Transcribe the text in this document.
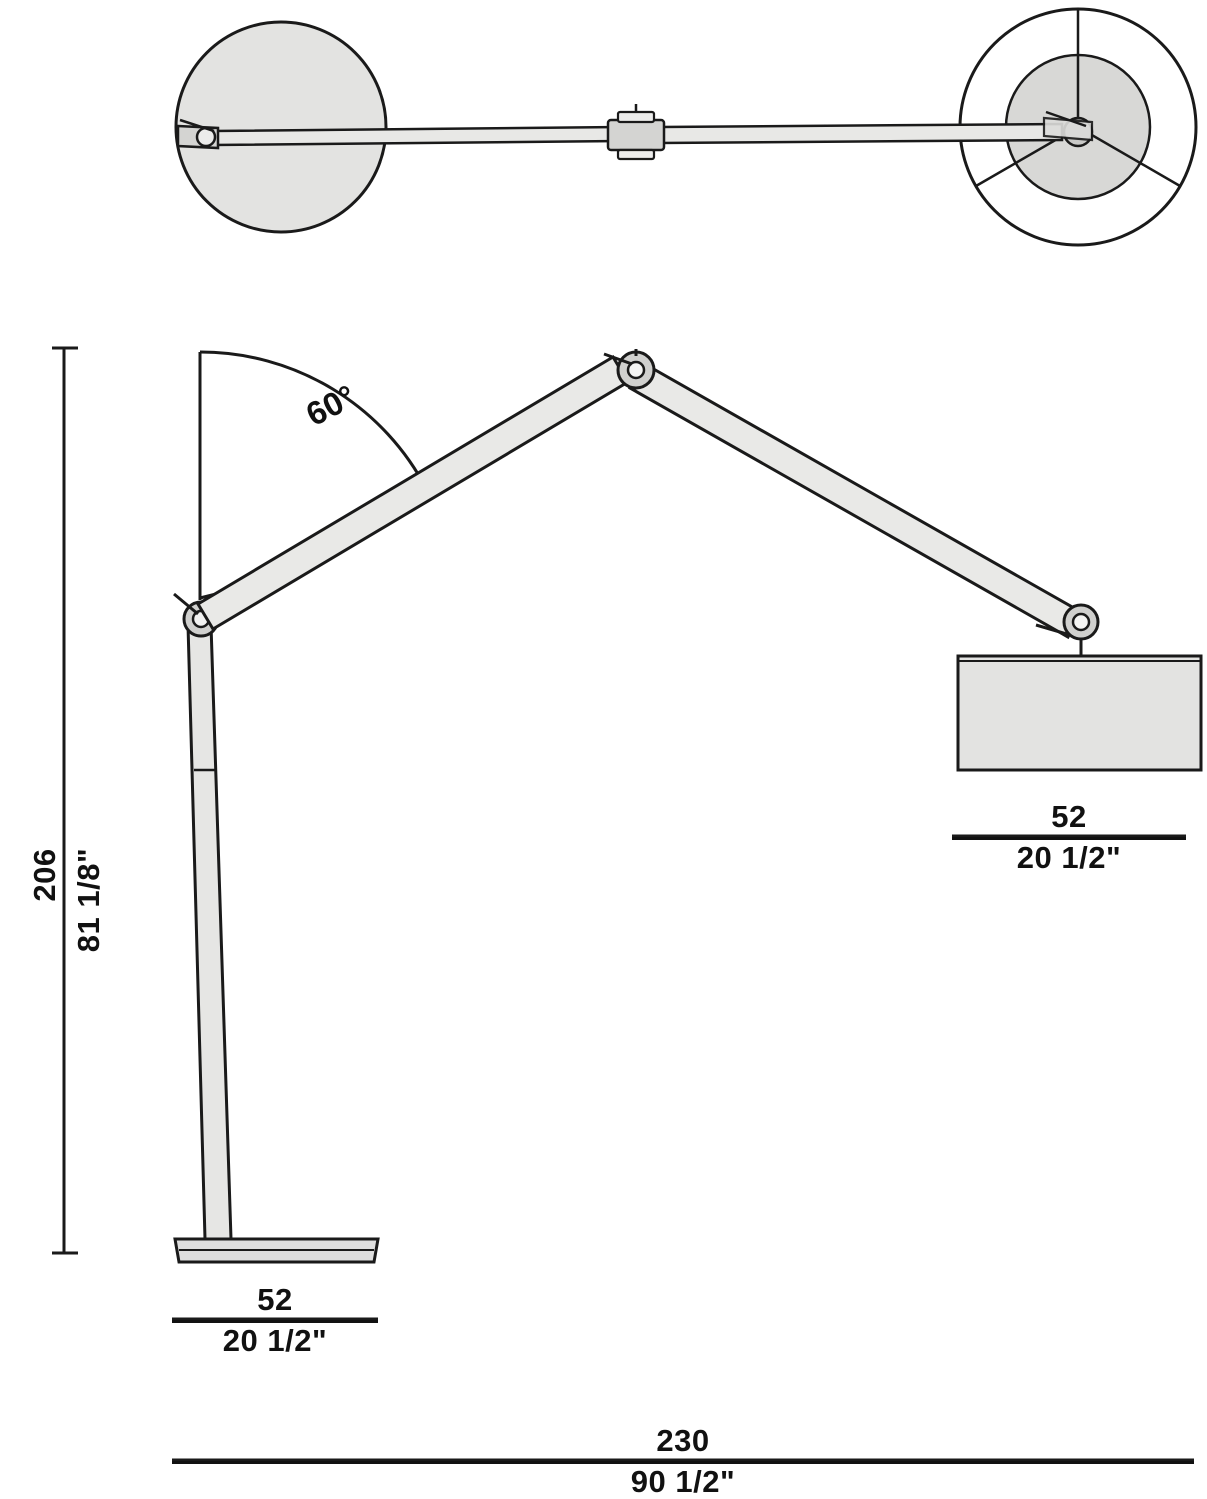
60°
206 81 1/8"
52
20 1/2"
52
20 1/2"
230
90 1/2"
